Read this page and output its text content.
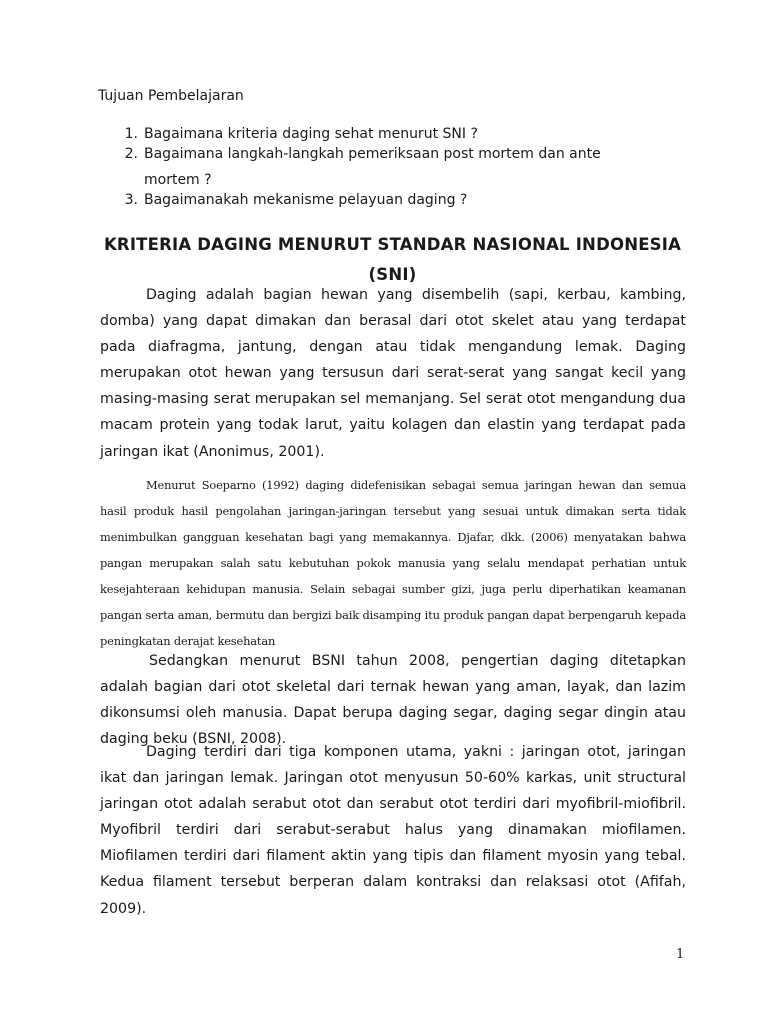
Tujuan Pembelajaran
1. Bagaimana kriteria daging sehat menurut SNI ?
2. Bagaimana langkah-langkah pemeriksaan post mortem dan ante mortem ?
3. Bagaimanakah mekanisme pelayuan daging ?
KRITERIA DAGING MENURUT STANDAR NASIONAL INDONESIA (SNI)

Daging adalah bagian hewan yang disembelih (sapi, kerbau, kambing, domba) yang dapat dimakan dan berasal dari otot skelet atau yang terdapat pada diafragma, jantung, dengan atau tidak mengandung lemak. Daging merupakan otot hewan yang tersusun dari serat-serat yang sangat kecil yang masing-masing serat merupakan sel memanjang. Sel serat otot mengandung dua macam protein yang todak larut, yaitu kolagen dan elastin yang terdapat pada jaringan ikat (Anonimus, 2001).

Menurut Soeparno (1992) daging didefenisikan sebagai semua jaringan hewan dan semua hasil produk hasil pengolahan jaringan-jaringan tersebut yang sesuai untuk dimakan serta tidak menimbulkan gangguan kesehatan bagi yang memakannya. Djafar, dkk. (2006) menyatakan bahwa pangan merupakan salah satu kebutuhan pokok manusia yang selalu mendapat perhatian untuk kesejahteraan kehidupan manusia. Selain sebagai sumber gizi, juga perlu diperhatikan keamanan pangan serta aman, bermutu dan bergizi baik disamping itu produk pangan dapat berpengaruh kepada peningkatan derajat kesehatan

Sedangkan menurut BSNI tahun 2008, pengertian daging ditetapkan adalah bagian dari otot skeletal dari ternak hewan yang aman, layak, dan lazim dikonsumsi oleh manusia. Dapat berupa daging segar, daging segar dingin atau daging beku (BSNI, 2008).

Daging terdiri dari tiga komponen utama, yakni : jaringan otot, jaringan ikat dan jaringan lemak. Jaringan otot menyusun 50-60% karkas, unit structural jaringan otot adalah serabut otot dan serabut otot terdiri dari myofibril-miofibril. Myofibril terdiri dari serabut-serabut halus yang dinamakan miofilamen. Miofilamen terdiri dari filament aktin yang tipis dan filament myosin yang tebal. Kedua filament tersebut berperan dalam kontraksi dan relaksasi otot (Afifah, 2009).

1
